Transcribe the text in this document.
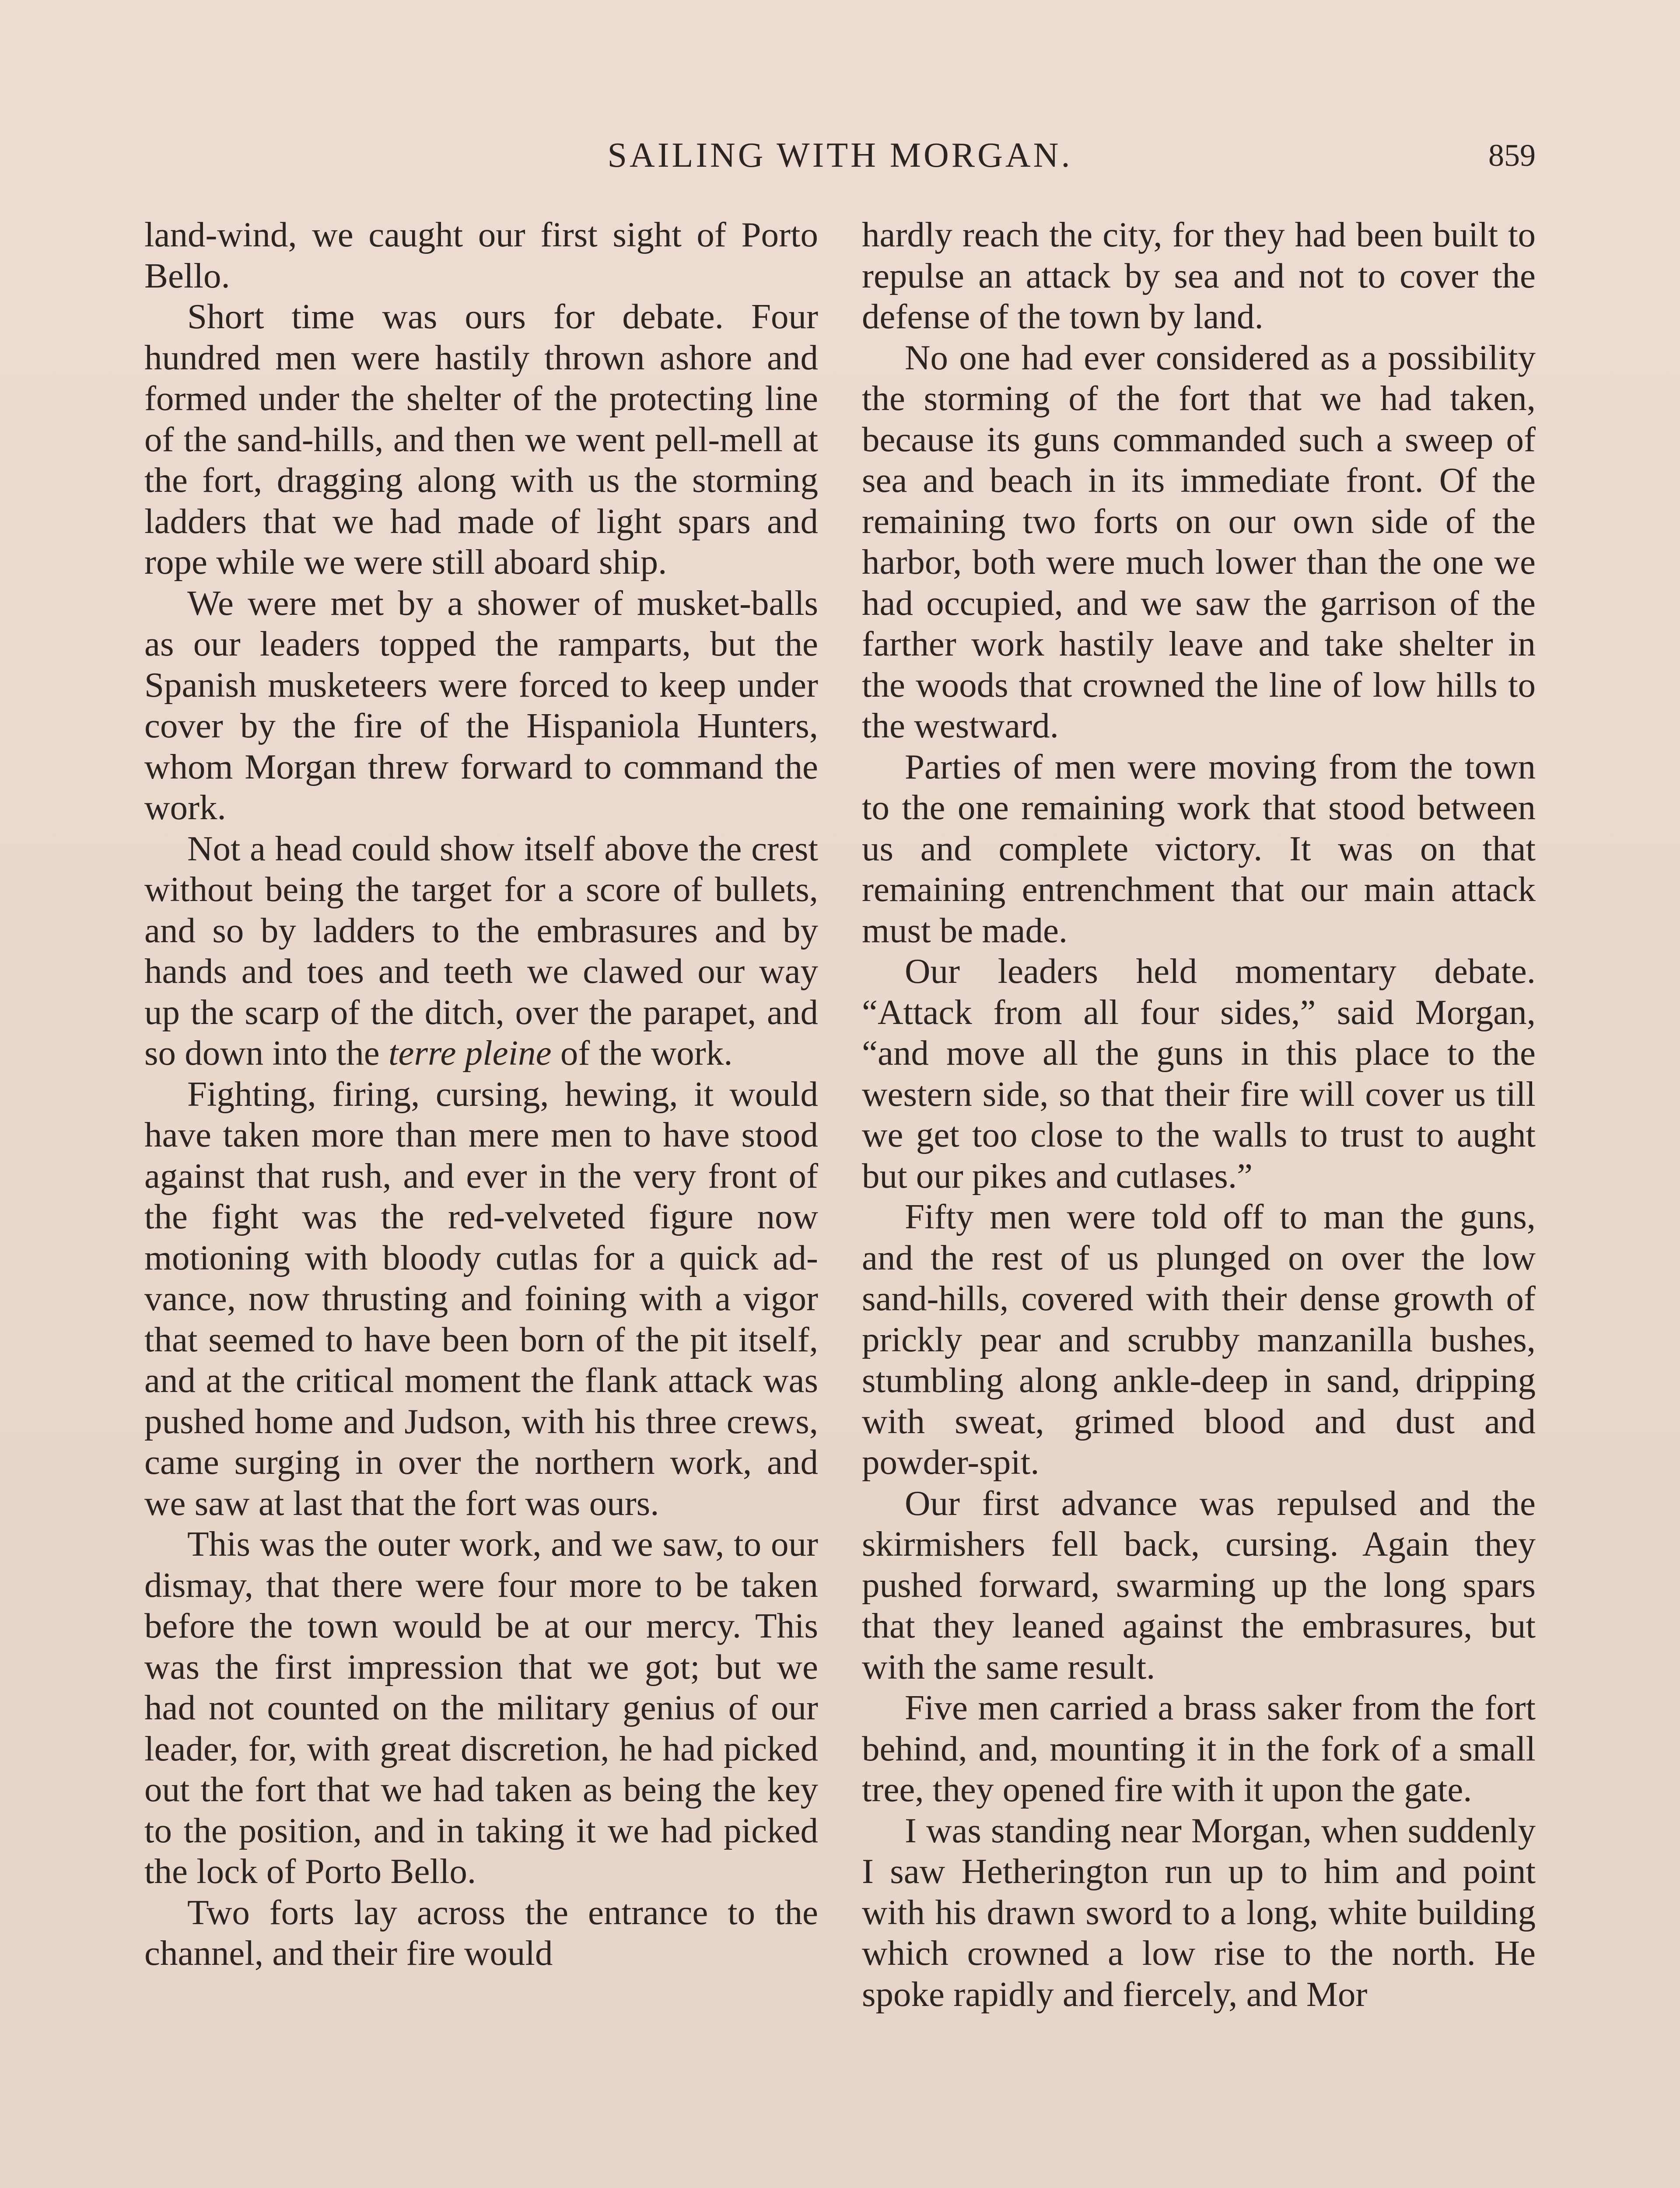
SAILING WITH MORGAN.	859

land-wind, we caught our first sight of Porto Bello.

Short time was ours for debate. Four hundred men were hastily thrown ashore and formed under the shelter of the protecting line of the sand-hills, and then we went pell-mell at the fort, dragging along with us the storming ladders that we had made of light spars and rope while we were still aboard ship.

We were met by a shower of musket-balls as our leaders topped the ramparts, but the Spanish musketeers were forced to keep under cover by the fire of the Hispaniola Hunters, whom Morgan threw forward to command the work.

Not a head could show itself above the crest without being the target for a score of bullets, and so by ladders to the embrasures and by hands and toes and teeth we clawed our way up the scarp of the ditch, over the parapet, and so down into the terre pleine of the work.

Fighting, firing, cursing, hewing, it would have taken more than mere men to have stood against that rush, and ever in the very front of the fight was the red-velveted figure now motioning with bloody cutlas for a quick advance, now thrusting and foining with a vigor that seemed to have been born of the pit itself, and at the critical moment the flank attack was pushed home and Judson, with his three crews, came surging in over the northern work, and we saw at last that the fort was ours.

This was the outer work, and we saw, to our dismay, that there were four more to be taken before the town would be at our mercy. This was the first impression that we got; but we had not counted on the military genius of our leader, for, with great discretion, he had picked out the fort that we had taken as being the key to the position, and in taking it we had picked the lock of Porto Bello.

Two forts lay across the entrance to the channel, and their fire would

hardly reach the city, for they had been built to repulse an attack by sea and not to cover the defense of the town by land.

No one had ever considered as a possibility the storming of the fort that we had taken, because its guns commanded such a sweep of sea and beach in its immediate front. Of the remaining two forts on our own side of the harbor, both were much lower than the one we had occupied, and we saw the garrison of the farther work hastily leave and take shelter in the woods that crowned the line of low hills to the westward.

Parties of men were moving from the town to the one remaining work that stood between us and complete victory. It was on that remaining entrenchment that our main attack must be made.

Our leaders held momentary debate. “Attack from all four sides,” said Morgan, “and move all the guns in this place to the western side, so that their fire will cover us till we get too close to the walls to trust to aught but our pikes and cutlases.”

Fifty men were told off to man the guns, and the rest of us plunged on over the low sand-hills, covered with their dense growth of prickly pear and scrubby manzanilla bushes, stumbling along ankle-deep in sand, dripping with sweat, grimed blood and dust and powder-spit.

Our first advance was repulsed and the skirmishers fell back, cursing. Again they pushed forward, swarming up the long spars that they leaned against the embrasures, but with the same result.

Five men carried a brass saker from the fort behind, and, mounting it in the fork of a small tree, they opened fire with it upon the gate.

I was standing near Morgan, when suddenly I saw Hetherington run up to him and point with his drawn sword to a long, white building which crowned a low rise to the north. He spoke rapidly and fiercely, and Mor
